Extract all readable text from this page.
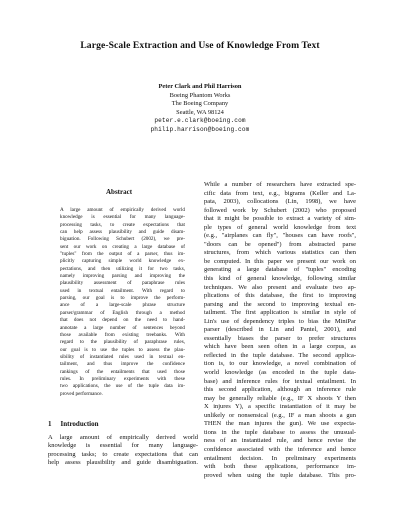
Large-Scale Extraction and Use of Knowledge From Text
Peter Clark and Phil Harrison
Boeing Phantom Works
The Boeing Company
Seattle, WA 98124
peter.e.clark@boeing.com
philip.harrison@boeing.com
Abstract
A large amount of empirically derived world
knowledge is essential for many language-
processing tasks, to create expectations that
can help assess plausibility and guide disam-
biguation. Following Schubert (2002), we pre-
sent our work on creating a large database of
"tuples" from the output of a parser, thus im-
plicitly capturing simple world knowledge ex-
pectations, and then utilizing it for two tasks,
namely improving parsing and improving the
plausibility assessment of paraphrase rules
used in textual entailment. With regard to
parsing, our goal is to improve the perform-
ance of a large-scale phrase structure
parser/grammar of English through a method
that does not depend on the need to hand-
annotate a large number of sentences beyond
those available from existing treebanks. With
regard to the plausibility of paraphrase rules,
our goal is to use the tuples to assess the plau-
sibility of instantiated rules used in textual en-
tailment, and thus improve the confidence
rankings of the entailments that used those
rules. In preliminary experiments with these
two applications, the use of the tuple data im-
proved performance.
1 Introduction
A large amount of empirically derived world
knowledge is essential for many language-
processing tasks; to create expectations that can
help assess plausibility and guide disambiguation.
While a number of researchers have extracted spe-
cific data from text, e.g., bigrams (Keller and La-
pata, 2003), collocations (Lin, 1998), we have
followed work by Schubert (2002) who proposed
that it might be possible to extract a variety of sim-
ple types of general world knowledge from text
(e.g., "airplanes can fly", "houses can have roofs",
"doors can be opened") from abstracted parse
structures, from which various statistics can then
be computed. In this paper we present our work on
generating a large database of "tuples" encoding
this kind of general knowledge, following similar
techniques. We also present and evaluate two ap-
plications of this database, the first to improving
parsing and the second to improving textual en-
tailment. The first application is similar in style of
Lin's use of dependency triples to bias the MiniPar
parser (described in Lin and Pantel, 2001), and
essentially biases the parser to prefer structures
which have been seen often in a large corpus, as
reflected in the tuple database. The second applica-
tion is, to our knowledge, a novel combination of
world knowledge (as encoded in the tuple data-
base) and inference rules for textual entailment. In
this second application, although an inference rule
may be generally reliable (e.g., IF X shoots Y then
X injures Y), a specific instantiation of it may be
unlikely or nonsensical (e.g., IF a man shoots a gun
THEN the man injures the gun). We use expecta-
tions in the tuple database to assess the unusual-
ness of an instantiated rule, and hence revise the
confidence associated with the inference and hence
entailment decision. In preliminary experiments
with both these applications, performance im-
proved when using the tuple database. This pro-
